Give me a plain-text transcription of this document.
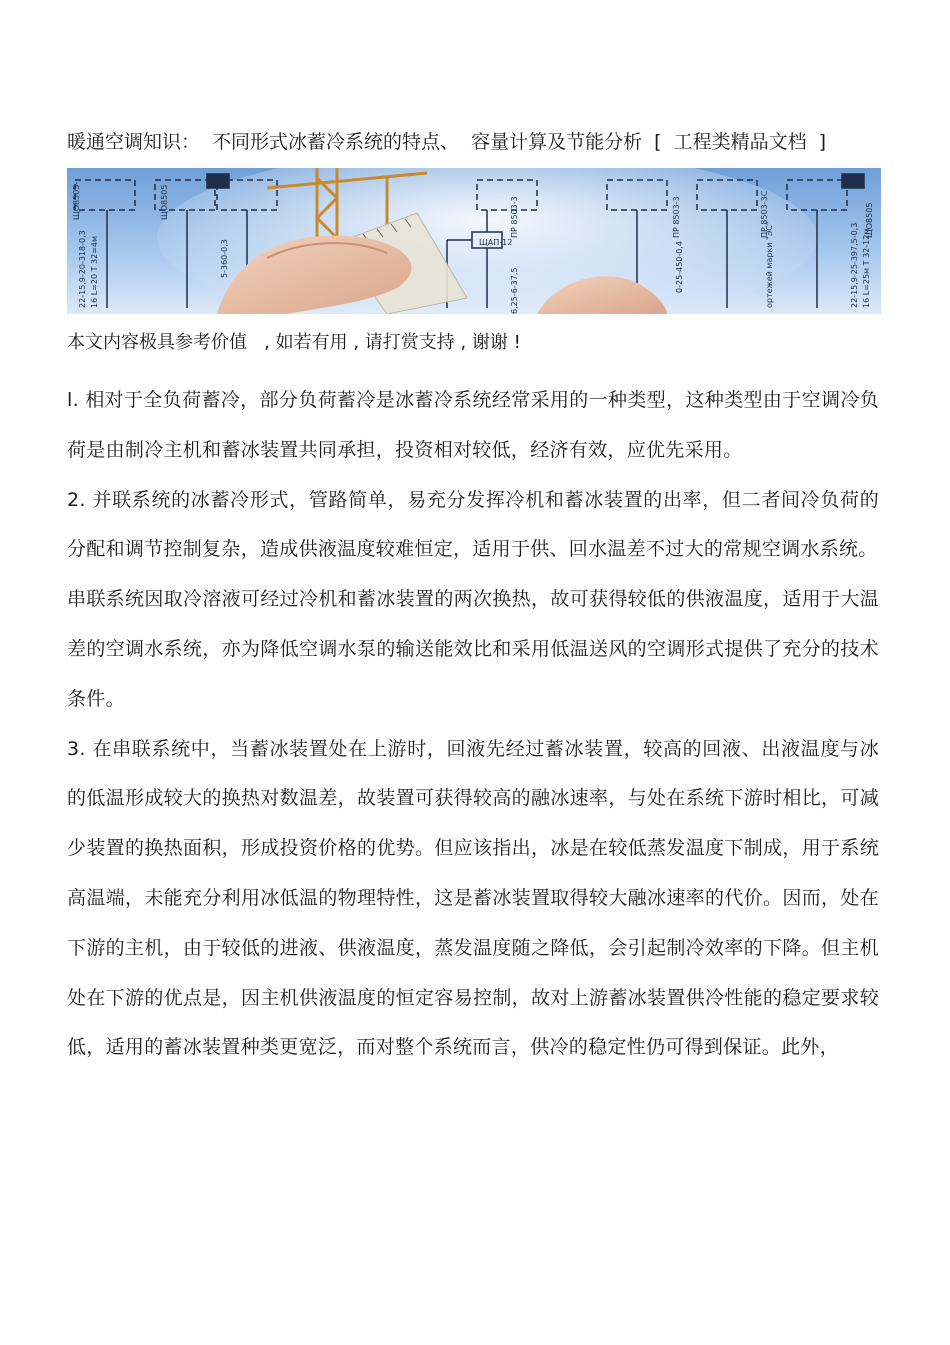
暖通空调知识： 不同形式冰蓄冷系统的特点、 容量计算及节能分析 [ 工程类精品文档 ]
ЩО8505-	ЩО8505	ПР 8503-3	ПР 8503-3	ПР 8503-3С	ЩО8505
ЩАП-12
22-15,9-20-318-0,3 16 L=20 T 32=4м	5-360-0,3
6,25-6-37,5	0-25-450-0,4	ортежей марки "ЭС"	22-15,9-25-397,5-0,3 16 L=25м T 32-12м
本文内容极具参考价值   , 如若有用 , 请打赏支持 , 谢谢 !

l. 相对于全负荷蓄冷，部分负荷蓄冷是冰蓄冷系统经常采用的一种类型，这种类型由于空调冷负荷是由制冷主机和蓄冰装置共同承担，投资相对较低，经济有效，应优先采用。

2. 并联系统的冰蓄冷形式，管路简单，易充分发挥冷机和蓄冰装置的出率，但二者间冷负荷的分配和调节控制复杂，造成供液温度较难恒定，适用于供、回水温差不过大的常规空调水系统。

串联系统因取冷溶液可经过冷机和蓄冰装置的两次换热，故可获得较低的供液温度，适用于大温差的空调水系统，亦为降低空调水泵的输送能效比和采用低温送风的空调形式提供了充分的技术条件。

3. 在串联系统中，当蓄冰装置处在上游时，回液先经过蓄冰装置，较高的回液、出液温度与冰的低温形成较大的换热对数温差，故装置可获得较高的融冰速率，与处在系统下游时相比，可减少装置的换热面积，形成投资价格的优势。但应该指出，冰是在较低蒸发温度下制成，用于系统高温端，未能充分利用冰低温的物理特性，这是蓄冰装置取得较大融冰速率的代价。因而，处在下游的主机，由于较低的进液、供液温度，蒸发温度随之降低，会引起制冷效率的下降。但主机处在下游的优点是，因主机供液温度的恒定容易控制，故对上游蓄冰装置供冷性能的稳定要求较低，适用的蓄冰装置种类更宽泛，而对整个系统而言，供冷的稳定性仍可得到保证。此外，
